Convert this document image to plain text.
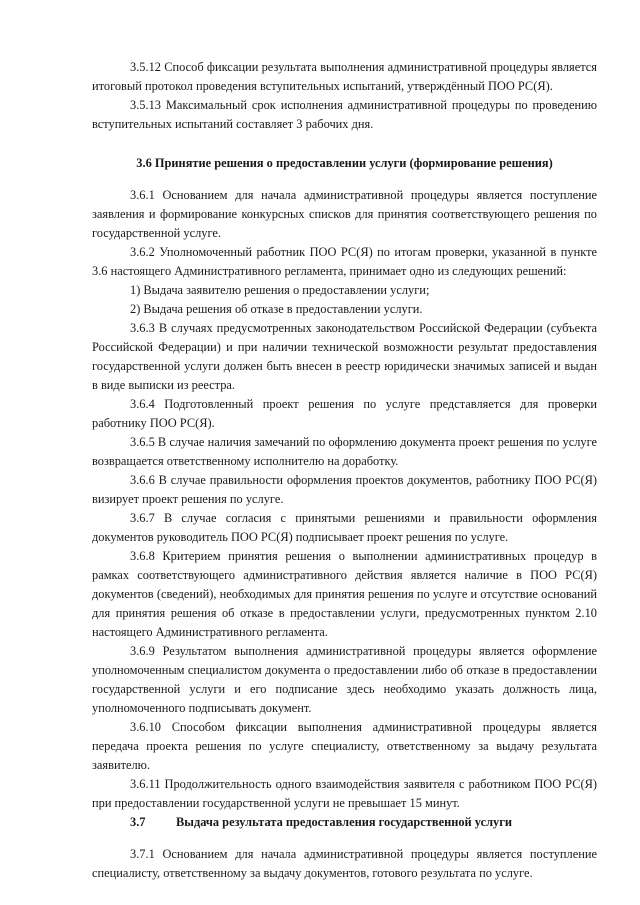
3.5.12 Способ фиксации результата выполнения административной процедуры является итоговый протокол проведения вступительных испытаний, утверждённый ПОО РС(Я).

3.5.13 Максимальный срок исполнения административной процедуры по проведению вступительных испытаний составляет 3 рабочих дня.

3.6 Принятие решения о предоставлении услуги (формирование решения)

3.6.1 Основанием для начала административной процедуры является поступление заявления и формирование конкурсных списков для принятия соответствующего решения по государственной услуге.

3.6.2 Уполномоченный работник ПОО РС(Я) по итогам проверки, указанной в пункте 3.6 настоящего Административного регламента, принимает одно из следующих решений:

1) Выдача заявителю решения о предоставлении услуги;

2) Выдача решения об отказе в предоставлении услуги.

3.6.3 В случаях предусмотренных законодательством Российской Федерации (субъекта Российской Федерации) и при наличии технической возможности результат предоставления государственной услуги должен быть внесен в реестр юридически значимых записей и выдан в виде выписки из реестра.

3.6.4 Подготовленный проект решения по услуге представляется для проверки работнику ПОО РС(Я).

3.6.5 В случае наличия замечаний по оформлению документа проект решения по услуге возвращается ответственному исполнителю на доработку.

3.6.6 В случае правильности оформления проектов документов, работнику ПОО РС(Я) визирует проект решения по услуге.

3.6.7 В случае согласия с принятыми решениями и правильности оформления документов руководитель ПОО РС(Я) подписывает проект решения по услуге.

3.6.8 Критерием принятия решения о выполнении административных процедур в рамках соответствующего административного действия является наличие в ПОО РС(Я) документов (сведений), необходимых для принятия решения по услуге и отсутствие оснований для принятия решения об отказе в предоставлении услуги, предусмотренных пунктом 2.10 настоящего Административного регламента.

3.6.9 Результатом выполнения административной процедуры является оформление уполномоченным специалистом документа о предоставлении либо об отказе в предоставлении государственной услуги и его подписание здесь необходимо указать должность лица, уполномоченного подписывать документ.

3.6.10 Способом фиксации выполнения административной процедуры является передача проекта решения по услуге специалисту, ответственному за выдачу результата заявителю.

3.6.11 Продолжительность одного взаимодействия заявителя с работником ПОО РС(Я) при предоставлении государственной услуги не превышает 15 минут.

3.7 Выдача результата предоставления государственной услуги

3.7.1 Основанием для начала административной процедуры является поступление специалисту, ответственному за выдачу документов, готового результата по услуге.
